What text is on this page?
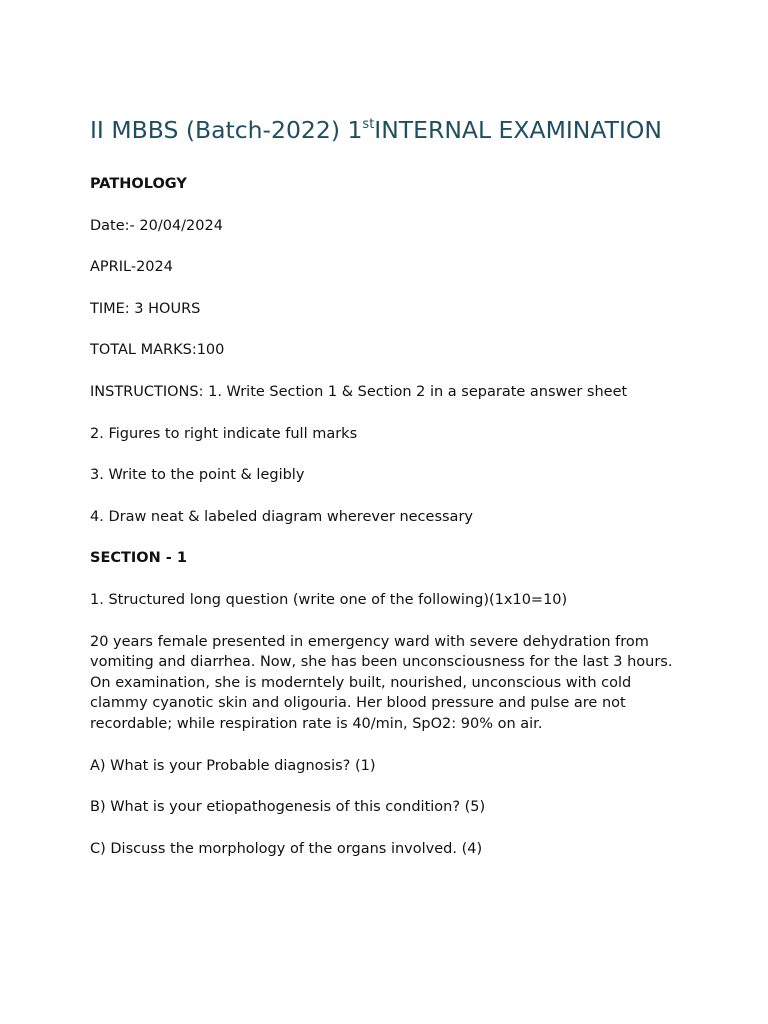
II MBBS (Batch-2022) 1stINTERNAL EXAMINATION

PATHOLOGY

Date:- 20/04/2024

APRIL-2024

TIME: 3 HOURS

TOTAL MARKS:100

INSTRUCTIONS: 1. Write Section 1 & Section 2 in a separate answer sheet

2. Figures to right indicate full marks

3. Write to the point & legibly

4. Draw neat & labeled diagram wherever necessary

SECTION - 1

1. Structured long question (write one of the following)(1x10=10)

20 years female presented in emergency ward with severe dehydration from vomiting and diarrhea. Now, she has been unconsciousness for the last 3 hours. On examination, she is moderntely built, nourished, unconscious with cold clammy cyanotic skin and oligouria. Her blood pressure and pulse are not recordable; while respiration rate is 40/min, SpO2: 90% on air.

A) What is your Probable diagnosis? (1)

B) What is your etiopathogenesis of this condition? (5)

C) Discuss the morphology of the organs involved. (4)
